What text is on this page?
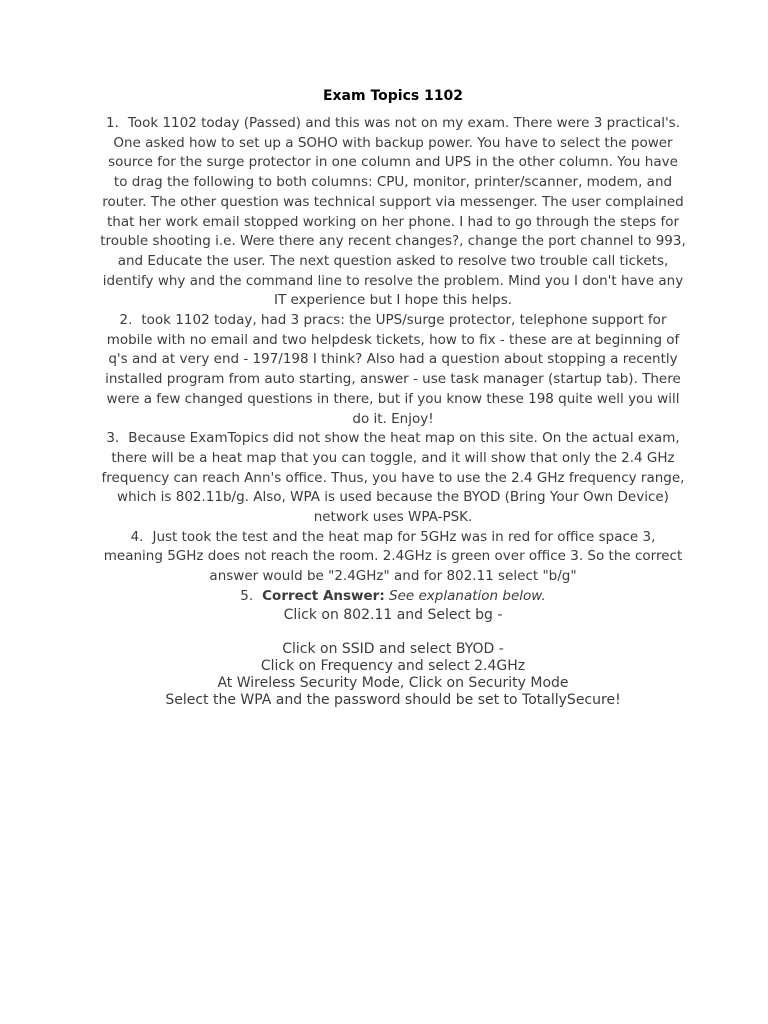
Exam Topics 1102
1. Took 1102 today (Passed) and this was not on my exam. There were 3 practical's. One asked how to set up a SOHO with backup power. You have to select the power source for the surge protector in one column and UPS in the other column. You have to drag the following to both columns: CPU, monitor, printer/scanner, modem, and router. The other question was technical support via messenger. The user complained that her work email stopped working on her phone. I had to go through the steps for trouble shooting i.e. Were there any recent changes?, change the port channel to 993, and Educate the user. The next question asked to resolve two trouble call tickets, identify why and the command line to resolve the problem. Mind you I don't have any IT experience but I hope this helps.
2. took 1102 today, had 3 pracs: the UPS/surge protector, telephone support for mobile with no email and two helpdesk tickets, how to fix - these are at beginning of q's and at very end - 197/198 I think? Also had a question about stopping a recently installed program from auto starting, answer - use task manager (startup tab). There were a few changed questions in there, but if you know these 198 quite well you will do it. Enjoy!
3. Because ExamTopics did not show the heat map on this site. On the actual exam, there will be a heat map that you can toggle, and it will show that only the 2.4 GHz frequency can reach Ann's office. Thus, you have to use the 2.4 GHz frequency range, which is 802.11b/g. Also, WPA is used because the BYOD (Bring Your Own Device) network uses WPA-PSK.
4. Just took the test and the heat map for 5GHz was in red for office space 3, meaning 5GHz does not reach the room. 2.4GHz is green over office 3. So the correct answer would be "2.4GHz" and for 802.11 select "b/g"
5. Correct Answer: See explanation below.
Click on 802.11 and Select bg -
Click on SSID and select BYOD -
Click on Frequency and select 2.4GHz
At Wireless Security Mode, Click on Security Mode
Select the WPA and the password should be set to TotallySecure!
